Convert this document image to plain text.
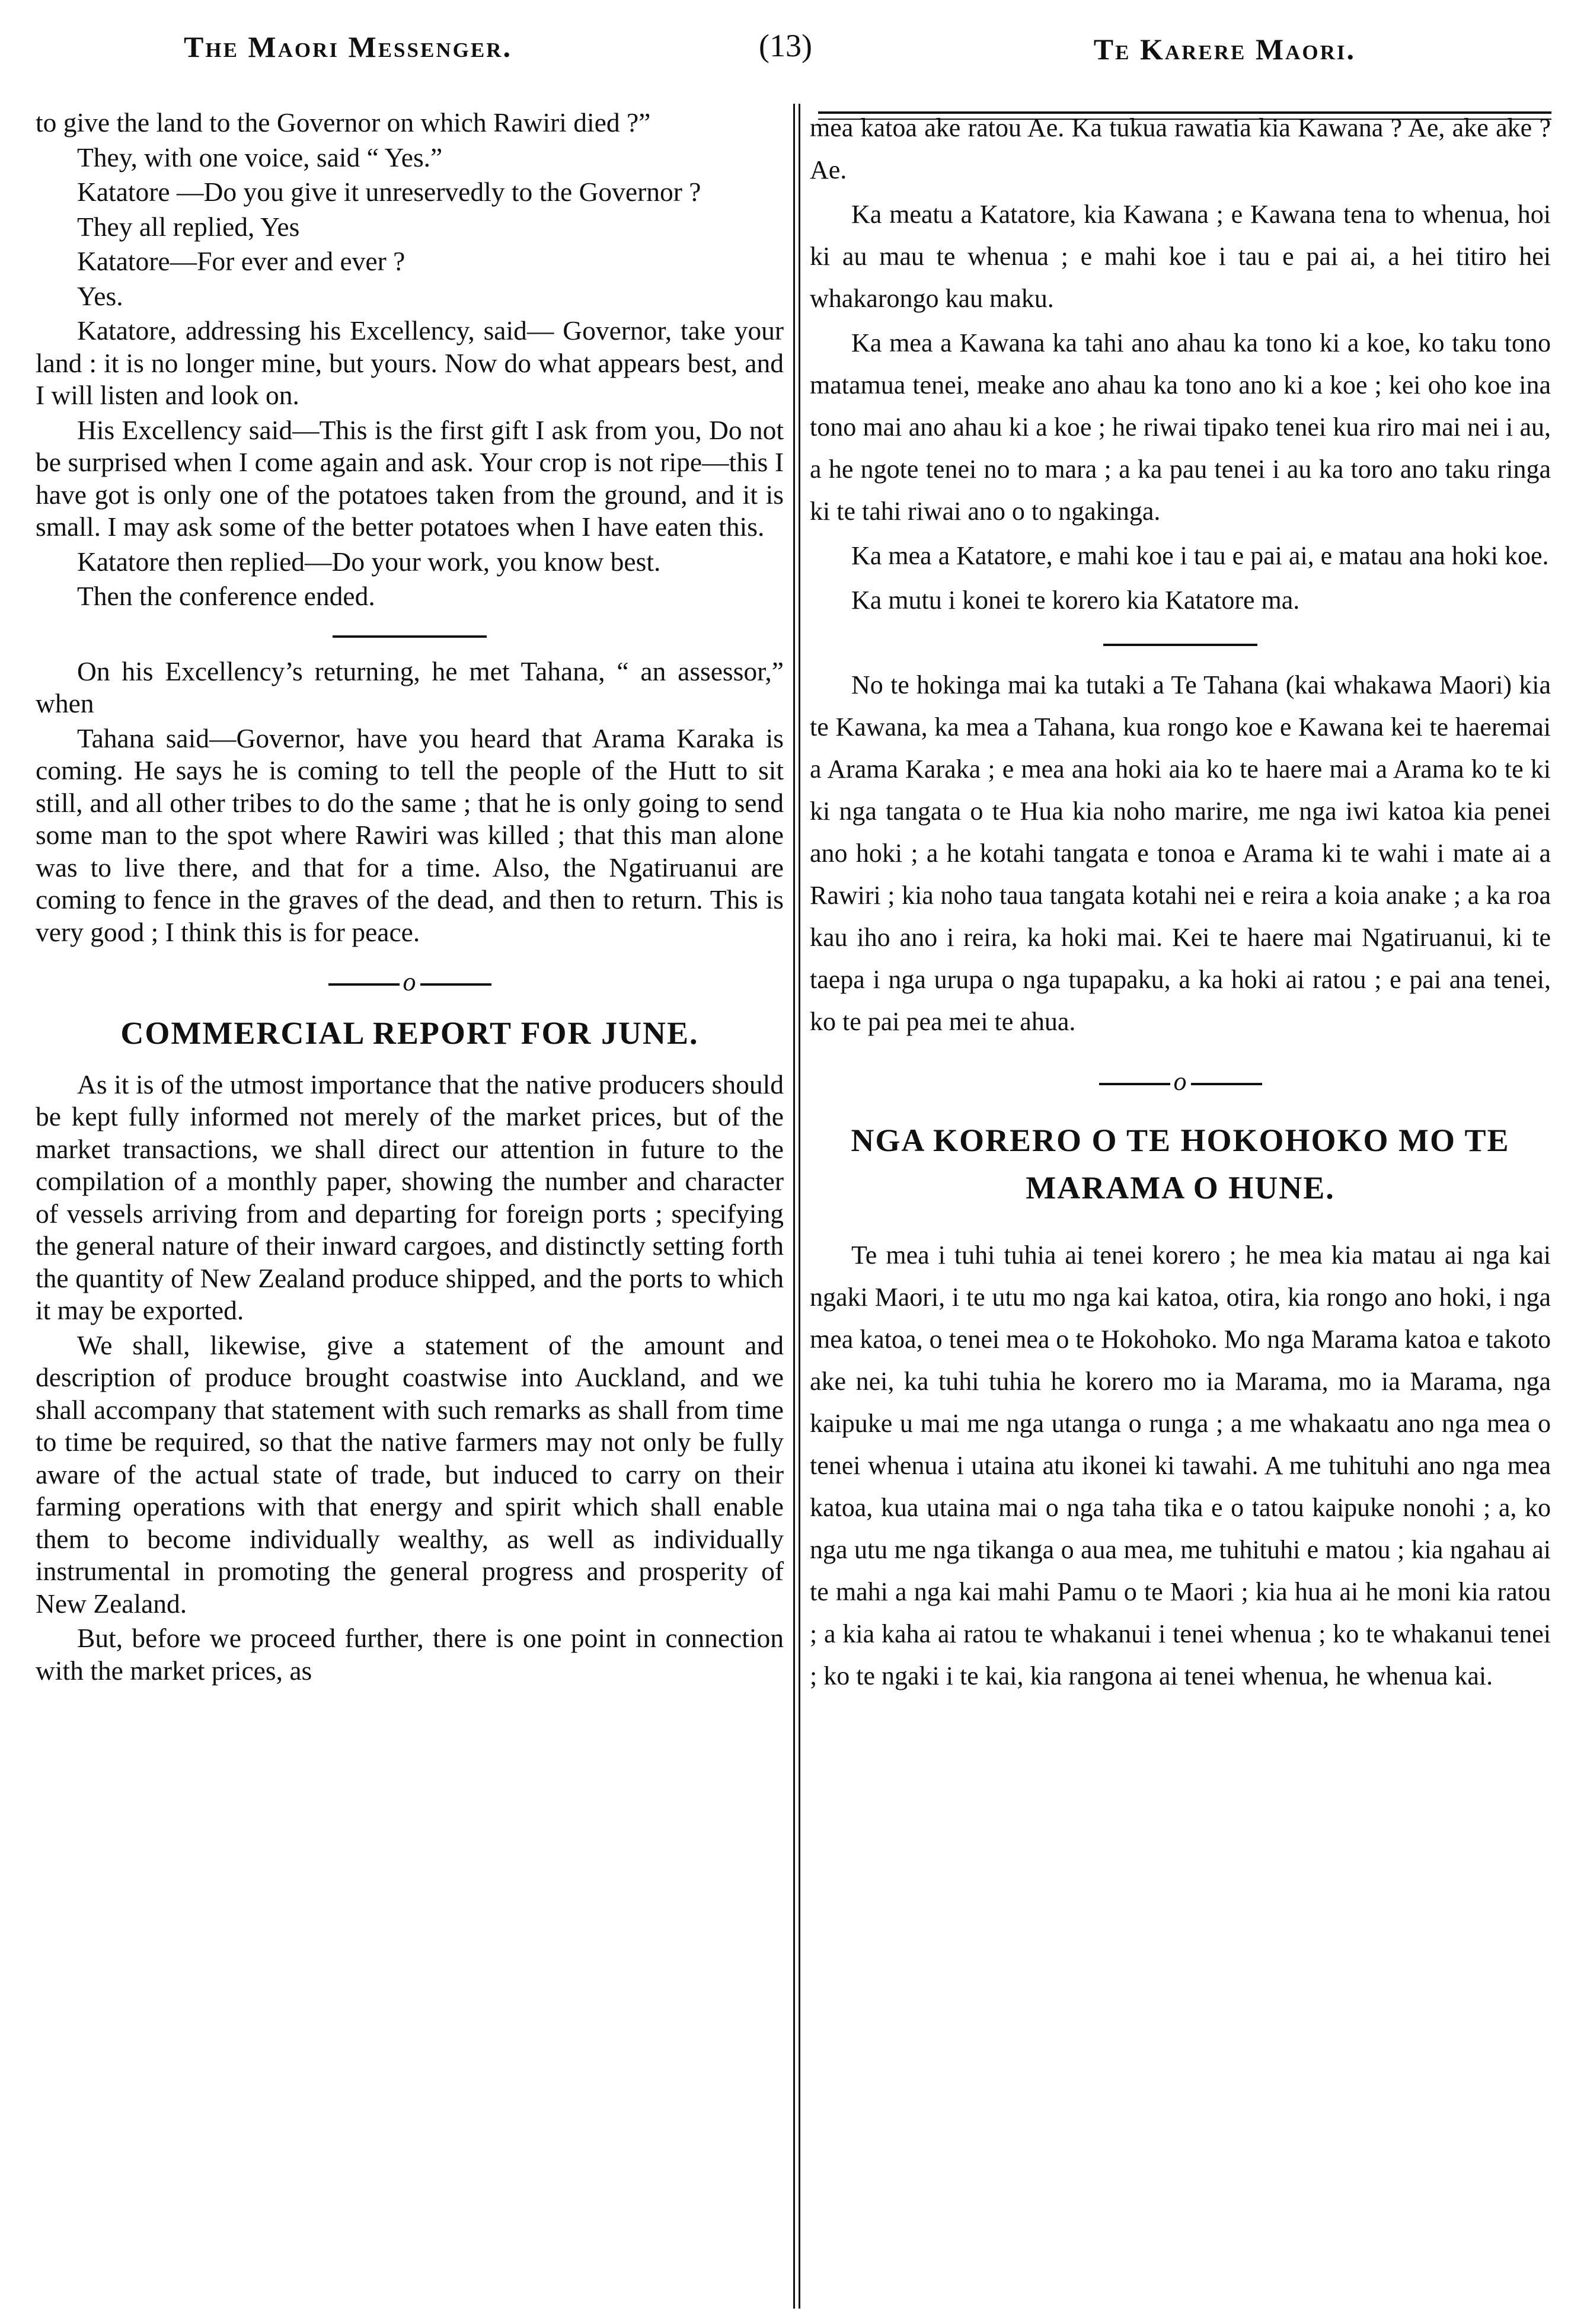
The Maori Messenger.	(13)	Te Karere Maori.

to give the land to the Governor on which Rawiri died ?”

They, with one voice, said “ Yes.”

Katatore —Do you give it unreservedly to the Governor ?

They all replied, Yes

Katatore—For ever and ever ?

Yes.

Katatore, addressing his Excellency, said— Governor, take your land : it is no longer mine, but yours. Now do what appears best, and I will listen and look on.

His Excellency said—This is the first gift I ask from you, Do not be surprised when I come again and ask. Your crop is not ripe—this I have got is only one of the potatoes taken from the ground, and it is small. I may ask some of the better potatoes when I have eaten this.

Katatore then replied—Do your work, you know best.

Then the conference ended.

On his Excellency’s returning, he met Tahana, “ an assessor,” when

Tahana said—Governor, have you heard that Arama Karaka is coming. He says he is coming to tell the people of the Hutt to sit still, and all other tribes to do the same ; that he is only going to send some man to the spot where Rawiri was killed ; that this man alone was to live there, and that for a time. Also, the Ngatiruanui are coming to fence in the graves of the dead, and then to return. This is very good ; I think this is for peace.

o
COMMERCIAL REPORT FOR JUNE.

As it is of the utmost importance that the native producers should be kept fully informed not merely of the market prices, but of the market transactions, we shall direct our attention in future to the compilation of a monthly paper, showing the number and character of vessels arriving from and departing for foreign ports ; specifying the general nature of their inward cargoes, and distinctly setting forth the quantity of New Zealand produce shipped, and the ports to which it may be exported.

We shall, likewise, give a statement of the amount and description of produce brought coastwise into Auckland, and we shall accompany that statement with such remarks as shall from time to time be required, so that the native farmers may not only be fully aware of the actual state of trade, but induced to carry on their farming operations with that energy and spirit which shall enable them to become individually wealthy, as well as individually instrumental in promoting the general progress and prosperity of New Zealand.

But, before we proceed further, there is one point in connection with the market prices, as

mea katoa ake ratou Ae. Ka tukua rawatia kia Kawana ? Ae, ake ake ? Ae.

Ka meatu a Katatore, kia Kawana ; e Kawana tena to whenua, hoi ki au mau te whenua ; e mahi koe i tau e pai ai, a hei titiro hei whakarongo kau maku.

Ka mea a Kawana ka tahi ano ahau ka tono ki a koe, ko taku tono matamua tenei, meake ano ahau ka tono ano ki a koe ; kei oho koe ina tono mai ano ahau ki a koe ; he riwai tipako tenei kua riro mai nei i au, a he ngote tenei no to mara ; a ka pau tenei i au ka toro ano taku ringa ki te tahi riwai ano o to ngakinga.

Ka mea a Katatore, e mahi koe i tau e pai ai, e matau ana hoki koe.

Ka mutu i konei te korero kia Katatore ma.

No te hokinga mai ka tutaki a Te Tahana (kai whakawa Maori) kia te Kawana, ka mea a Tahana, kua rongo koe e Kawana kei te haeremai a Arama Karaka ; e mea ana hoki aia ko te haere mai a Arama ko te ki ki nga tangata o te Hua kia noho marire, me nga iwi katoa kia penei ano hoki ; a he kotahi tangata e tonoa e Arama ki te wahi i mate ai a Rawiri ; kia noho taua tangata kotahi nei e reira a koia anake ; a ka roa kau iho ano i reira, ka hoki mai. Kei te haere mai Ngatiruanui, ki te taepa i nga urupa o nga tupapaku, a ka hoki ai ratou ; e pai ana tenei, ko te pai pea mei te ahua.

o
NGA KORERO O TE HOKOHOKO MO TE MARAMA O HUNE.

Te mea i tuhi tuhia ai tenei korero ; he mea kia matau ai nga kai ngaki Maori, i te utu mo nga kai katoa, otira, kia rongo ano hoki, i nga mea katoa, o tenei mea o te Hokohoko. Mo nga Marama katoa e takoto ake nei, ka tuhi tuhia he korero mo ia Marama, mo ia Marama, nga kaipuke u mai me nga utanga o runga ; a me whakaatu ano nga mea o tenei whenua i utaina atu ikonei ki tawahi. A me tuhituhi ano nga mea katoa, kua utaina mai o nga taha tika e o tatou kaipuke nonohi ; a, ko nga utu me nga tikanga o aua mea, me tuhituhi e matou ; kia ngahau ai te mahi a nga kai mahi Pamu o te Maori ; kia hua ai he moni kia ratou ; a kia kaha ai ratou te whakanui i tenei whenua ; ko te whakanui tenei ; ko te ngaki i te kai, kia rangona ai tenei whenua, he whenua kai.
